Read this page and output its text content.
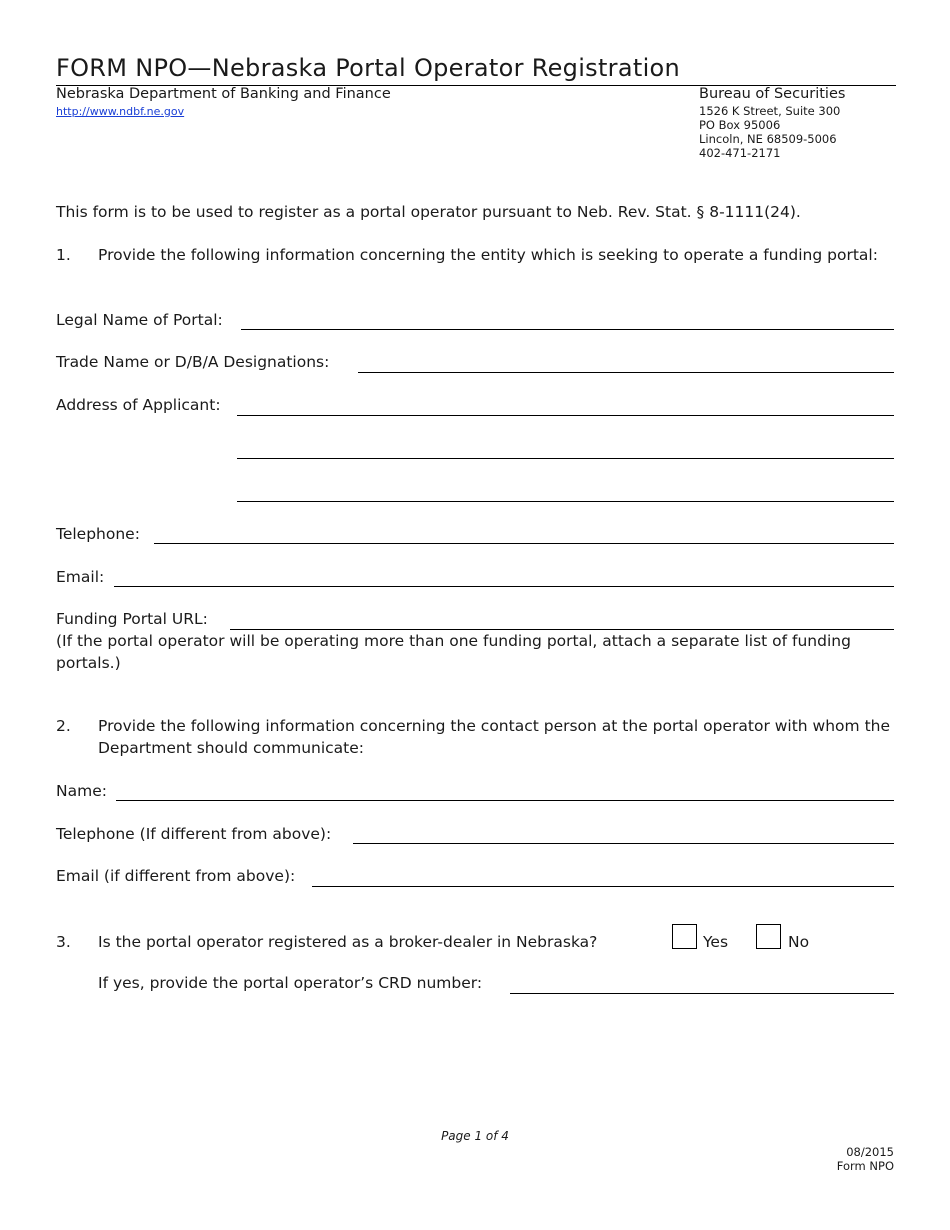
FORM NPO—Nebraska Portal Operator Registration
Nebraska Department of Banking and Finance
http://www.ndbf.ne.gov
Bureau of Securities
1526 K Street, Suite 300
PO Box 95006
Lincoln, NE 68509-5006
402-471-2171
This form is to be used to register as a portal operator pursuant to Neb. Rev. Stat. § 8-1111(24).
1. Provide the following information concerning the entity which is seeking to operate a funding portal:
Legal Name of Portal:
Trade Name or D/B/A Designations:
Address of Applicant:
Telephone:
Email:
Funding Portal URL:
(If the portal operator will be operating more than one funding portal, attach a separate list of funding portals.)
2. Provide the following information concerning the contact person at the portal operator with whom the Department should communicate:
Name:
Telephone (If different from above):
Email (if different from above):
3. Is the portal operator registered as a broker-dealer in Nebraska?	Yes	No
If yes, provide the portal operator’s CRD number:
Page 1 of 4
08/2015
Form NPO
